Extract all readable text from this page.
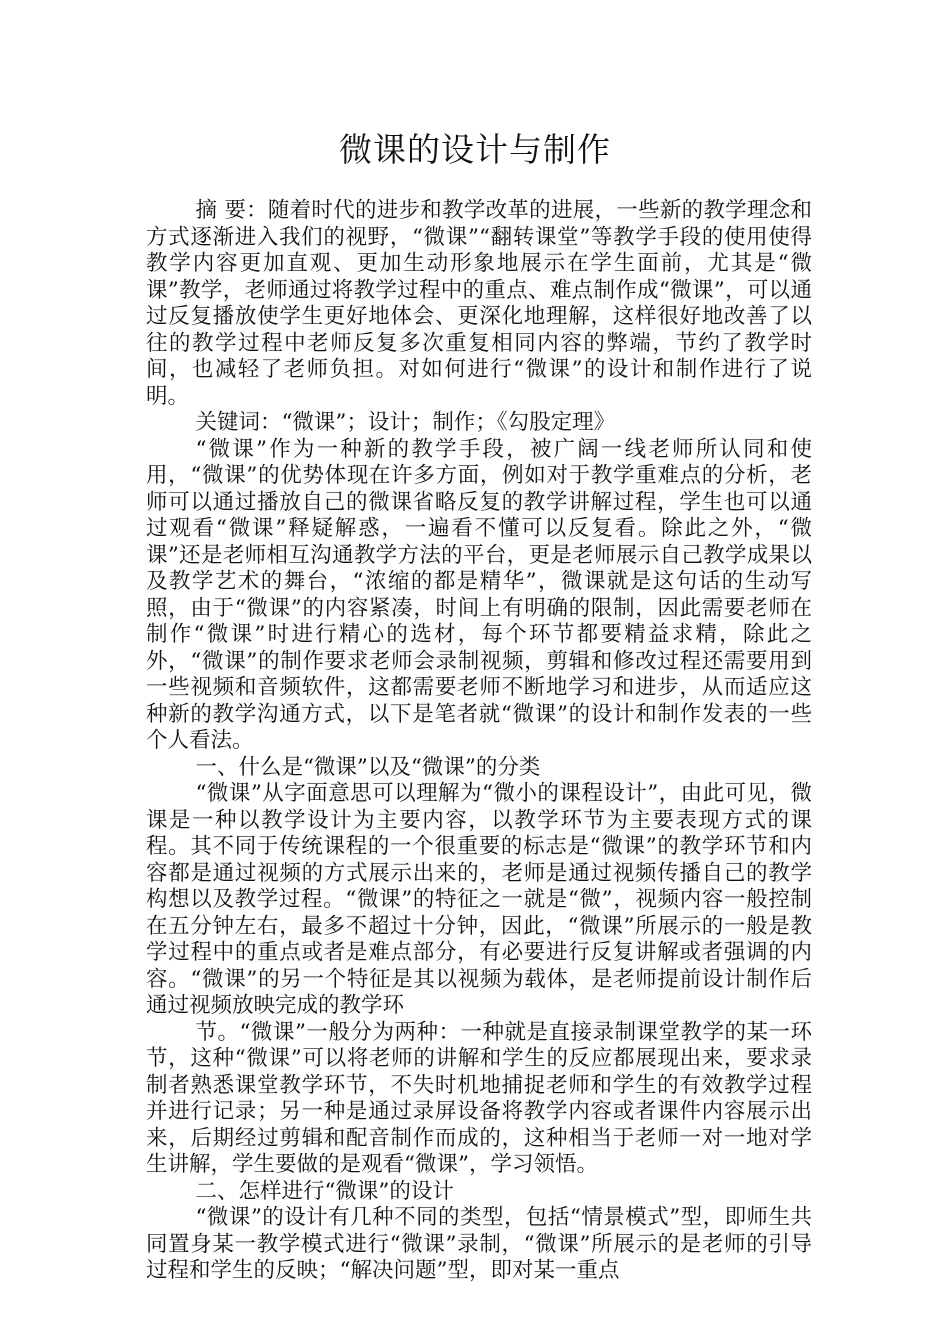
微课的设计与制作

摘 要：随着时代的进步和教学改革的进展，一些新的教学理念和方式逐渐进入我们的视野，“微课”“翻转课堂”等教学手段的使用使得教学内容更加直观、更加生动形象地展示在学生面前，尤其是“微课”教学，老师通过将教学过程中的重点、难点制作成“微课”，可以通过反复播放使学生更好地体会、更深化地理解，这样很好地改善了以往的教学过程中老师反复多次重复相同内容的弊端，节约了教学时间，也减轻了老师负担。对如何进行“微课”的设计和制作进行了说明。

关键词：“微课”；设计；制作；《勾股定理》

“微课”作为一种新的教学手段，被广阔一线老师所认同和使用，“微课”的优势体现在许多方面，例如对于教学重难点的分析，老师可以通过播放自己的微课省略反复的教学讲解过程，学生也可以通过观看“微课”释疑解惑，一遍看不懂可以反复看。除此之外，“微课”还是老师相互沟通教学方法的平台，更是老师展示自己教学成果以及教学艺术的舞台，“浓缩的都是精华”，微课就是这句话的生动写照，由于“微课”的内容紧凑，时间上有明确的限制，因此需要老师在制作“微课”时进行精心的选材，每个环节都要精益求精，除此之外，“微课”的制作要求老师会录制视频，剪辑和修改过程还需要用到一些视频和音频软件，这都需要老师不断地学习和进步，从而适应这种新的教学沟通方式，以下是笔者就“微课”的设计和制作发表的一些个人看法。

一、什么是“微课”以及“微课”的分类

“微课”从字面意思可以理解为“微小的课程设计”，由此可见，微课是一种以教学设计为主要内容，以教学环节为主要表现方式的课程。其不同于传统课程的一个很重要的标志是“微课”的教学环节和内容都是通过视频的方式展示出来的，老师是通过视频传播自己的教学构想以及教学过程。“微课”的特征之一就是“微”，视频内容一般控制在五分钟左右，最多不超过十分钟，因此，“微课”所展示的一般是教学过程中的重点或者是难点部分，有必要进行反复讲解或者强调的内容。“微课”的另一个特征是其以视频为载体，是老师提前设计制作后通过视频放映完成的教学环

节。“微课”一般分为两种：一种就是直接录制课堂教学的某一环节，这种“微课”可以将老师的讲解和学生的反应都展现出来，要求录制者熟悉课堂教学环节，不失时机地捕捉老师和学生的有效教学过程并进行记录；另一种是通过录屏设备将教学内容或者课件内容展示出来，后期经过剪辑和配音制作而成的，这种相当于老师一对一地对学生讲解，学生要做的是观看“微课”，学习领悟。

二、怎样进行“微课”的设计

“微课”的设计有几种不同的类型，包括“情景模式”型，即师生共同置身某一教学模式进行“微课”录制，“微课”所展示的是老师的引导过程和学生的反映；“解决问题”型，即对某一重点
